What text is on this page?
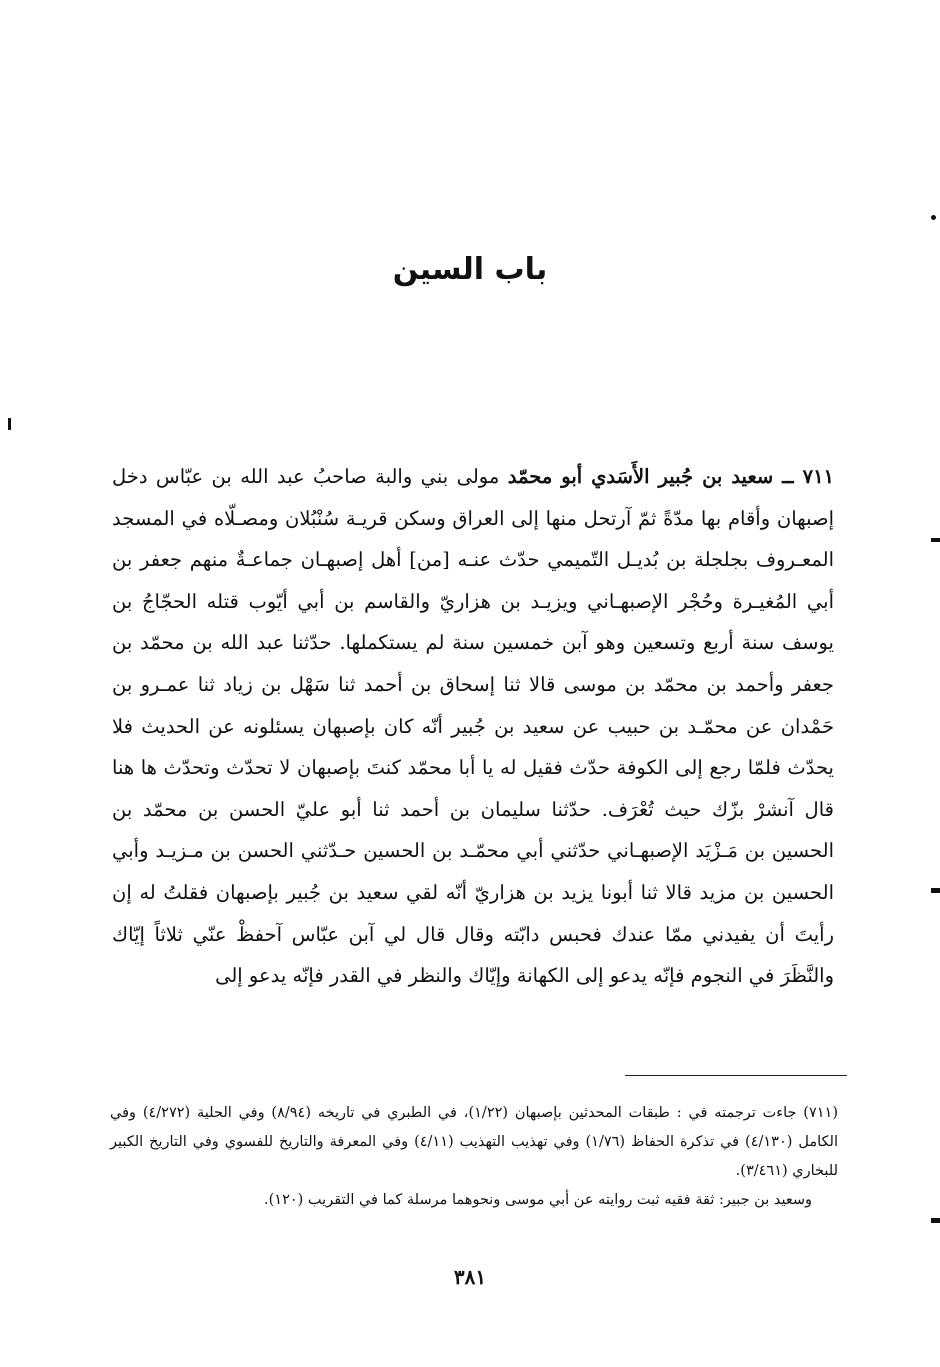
باب السين

٧١١ ــ سعيد بن جُبير الأَسَدي أبو محمّد مولى بني والبة صاحبُ عبد الله بن عبّاس دخل إصبهان وأقام بها مدّةً ثمّ آرتحل منها إلى العراق وسكن قريـة سُنْبُلان ومصـلّاه في المسجد المعـروف بجلجلة بن بُديـل التّميمي حدّث عنـه [من] أهل إصبهـان جماعـةٌ منهم جعفر بن أبي المُغيـرة وحُجْر الإصبهـاني ويزيـد بن هزاريّ والقاسم بن أبي أيّوب قتله الحجّاجُ بن يوسف سنة أربع وتسعين وهو آبن خمسين سنة لم يستكملها. حدّثنا عبد الله بن محمّد بن جعفر وأحمد بن محمّد بن موسى قالا ثنا إسحاق بن أحمد ثنا سَهْل بن زياد ثنا عمـرو بن حَمْدان عن محمّـد بن حبيب عن سعيد بن جُبير أنّه كان بإصبهان يسئلونه عن الحديث فلا يحدّث فلمّا رجع إلى الكوفة حدّث فقيل له يا أبا محمّد كنتَ بإصبهان لا تحدّث وتحدّث ها هنا قال آنشرْ بزّك حيث تُعْرَف. حدّثنا سليمان بن أحمد ثنا أبو عليّ الحسن بن محمّد بن الحسين بن مَـزْيَد الإصبهـاني حدّثني أبي محمّـد بن الحسين حـدّثني الحسن بن مـزيـد وأبي الحسين بن مزيد قالا ثنا أبونا يزيد بن هزاريّ أنّه لقي سعيد بن جُبير بإصبهان فقلتُ له إن رأيتَ أن يفيدني ممّا عندك فحبس دابّته وقال قال لي آبن عبّاس آحفظْ عنّي ثلاثاً إيّاك والنَّظَرَ في النجوم فإنّه يدعو إلى الكهانة وإيّاك والنظر في القدر فإنّه يدعو إلى

(٧١١) جاءت ترجمته في : طبقات المحدثين بإصبهان (١/٢٢)، في الطبري في تاريخه (٨/٩٤) وفي الحلية (٤/٢٧٢) وفي الكامل (٤/١٣٠) في تذكرة الحفاظ (١/٧٦) وفي تهذيب التهذيب (٤/١١) وفي المعرفة والتاريخ للفسوي وفي التاريخ الكبير للبخاري (٣/٤٦١).

وسعيد بن جبير: ثقة فقيه ثبت روايته عن أبي موسى ونحوهما مرسلة كما في التقريب (١٢٠).

٣٨١
